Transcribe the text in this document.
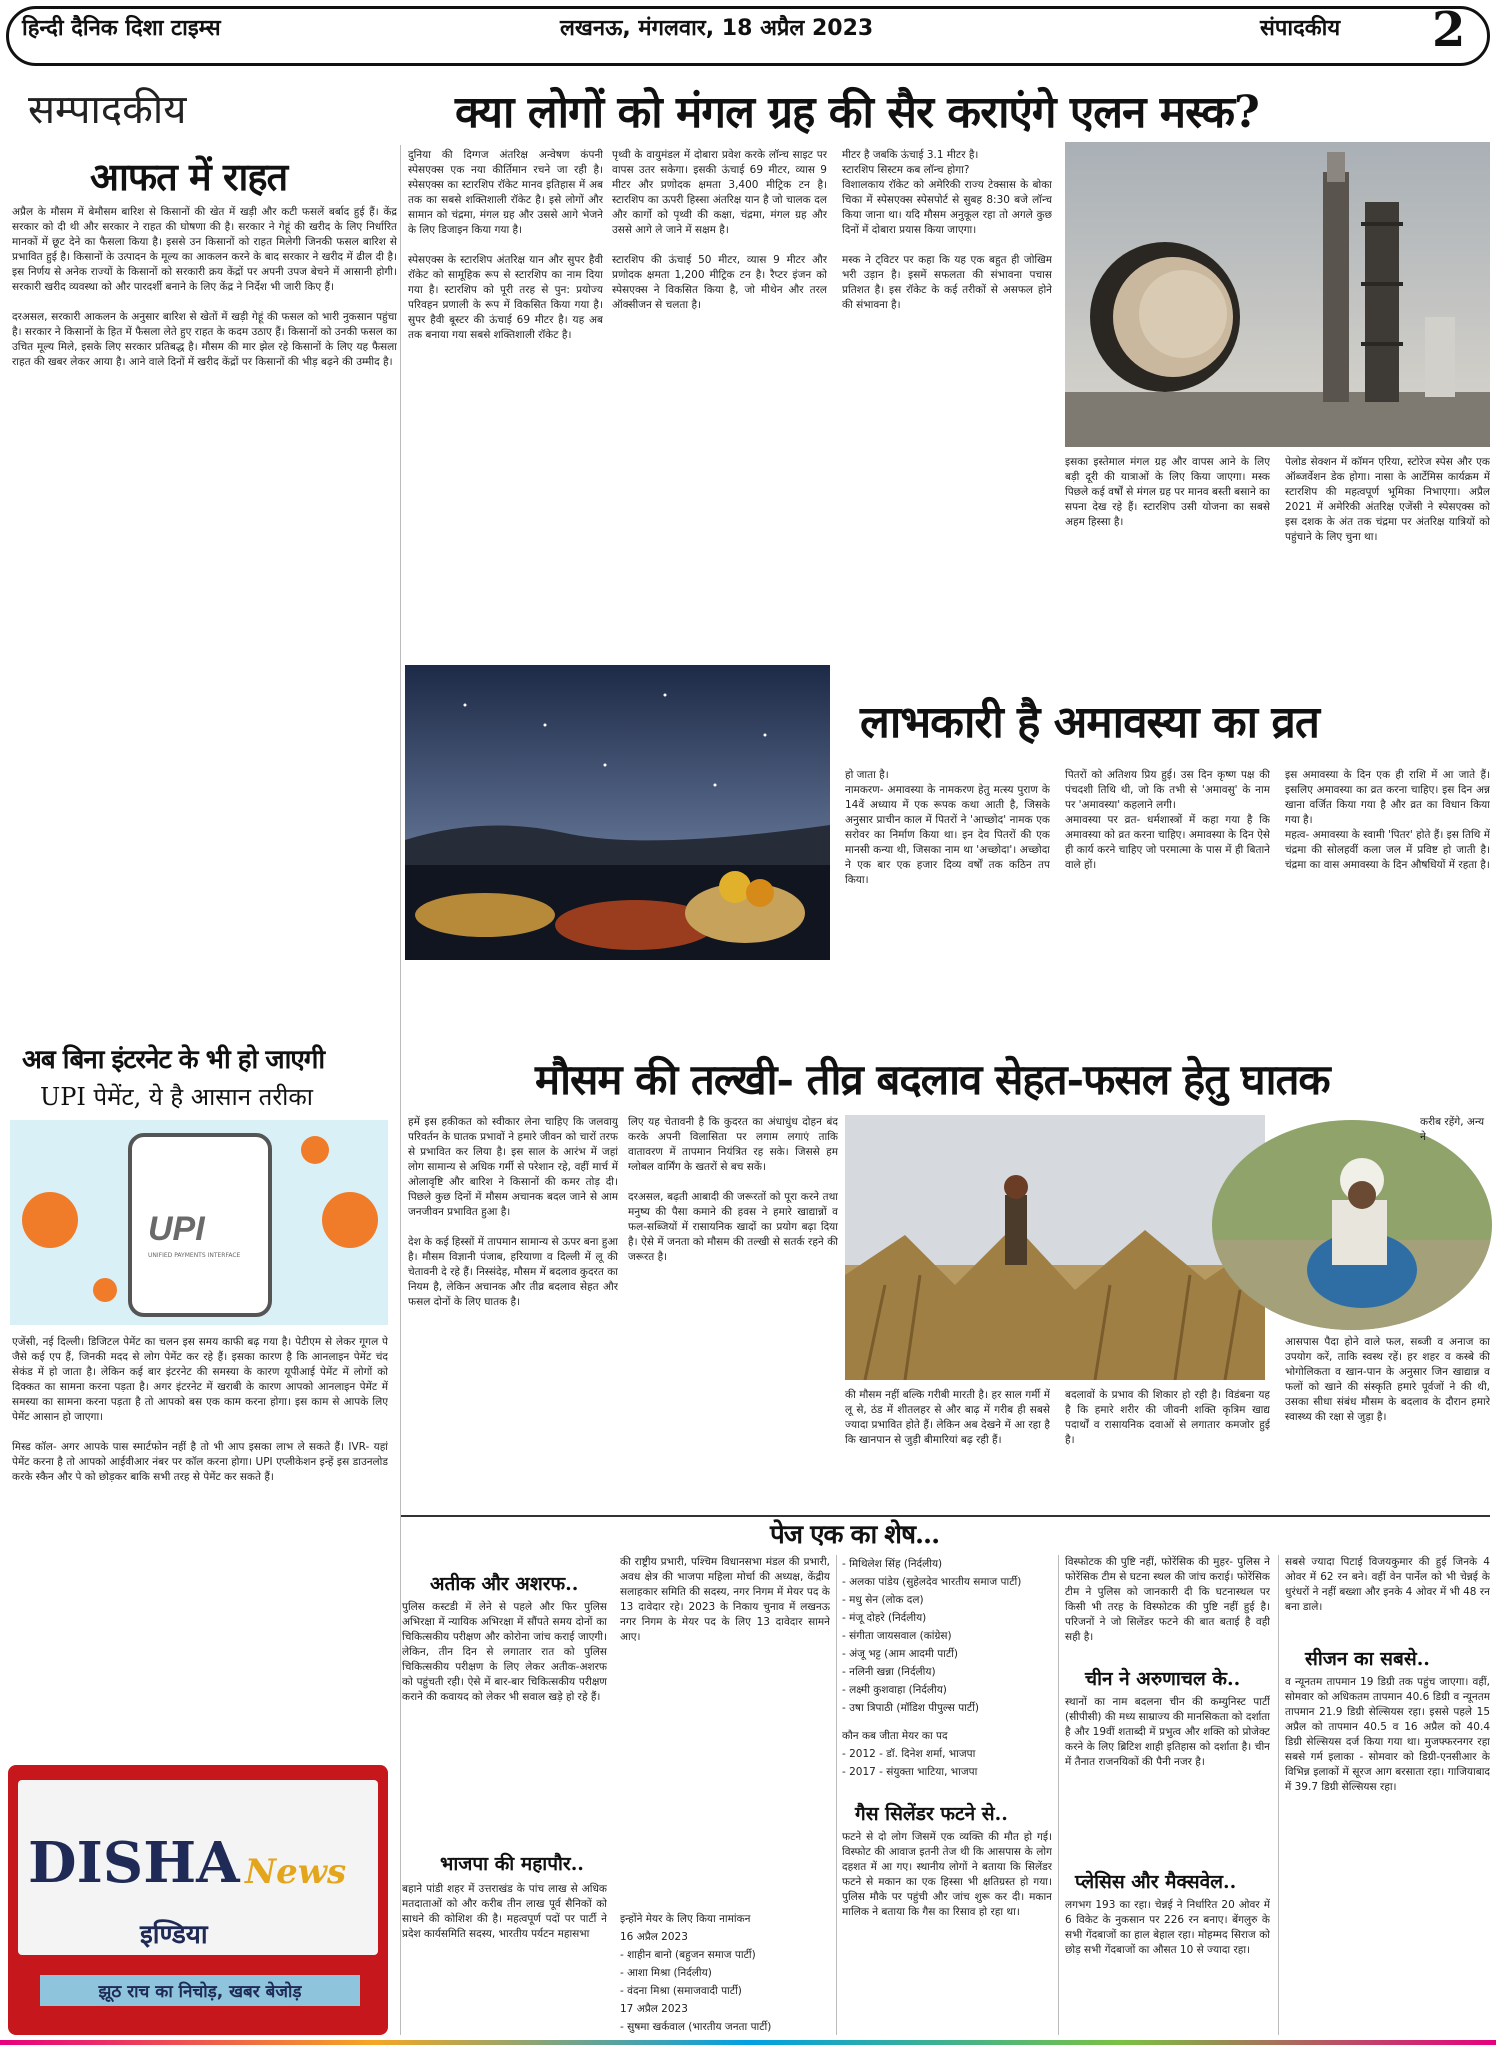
हिन्दी दैनिक दिशा टाइम्स	लखनऊ, मंगलवार, 18 अप्रैल 2023	संपादकीय 2
सम्पादकीय
आफत में राहत
अप्रैल के मौसम में बेमौसम बारिश से किसानों की खेत में खड़ी और कटी फसलें बर्बाद हुई हैं। केंद्र सरकार को दी थी और सरकार ने राहत की घोषणा की है। सरकार ने गेहूं की खरीद के लिए निर्धारित मानकों में छूट देने का फैसला किया है। इससे उन किसानों को राहत मिलेगी जिनकी फसल बारिश से प्रभावित हुई है। किसानों के उत्पादन के मूल्य का आकलन करने के बाद सरकार ने खरीद में ढील दी है। इस निर्णय से अनेक राज्यों के किसानों को सरकारी क्रय केंद्रों पर अपनी उपज बेचने में आसानी होगी। सरकारी खरीद व्यवस्था को और पारदर्शी बनाने के लिए केंद्र ने निर्देश भी जारी किए हैं।

दरअसल, सरकारी आकलन के अनुसार बारिश से खेतों में खड़ी गेहूं की फसल को भारी नुकसान पहुंचा है। सरकार ने किसानों के हित में फैसला लेते हुए राहत के कदम उठाए हैं। किसानों को उनकी फसल का उचित मूल्य मिले, इसके लिए सरकार प्रतिबद्ध है। मौसम की मार झेल रहे किसानों के लिए यह फैसला राहत की खबर लेकर आया है। आने वाले दिनों में खरीद केंद्रों पर किसानों की भीड़ बढ़ने की उम्मीद है।
क्या लोगों को मंगल ग्रह की सैर कराएंगे एलन मस्क?
दुनिया की दिग्गज अंतरिक्ष अन्वेषण कंपनी स्पेसएक्स एक नया कीर्तिमान रचने जा रही है। स्पेसएक्स का स्टारशिप रॉकेट मानव इतिहास में अब तक का सबसे शक्तिशाली रॉकेट है। इसे लोगों और सामान को चंद्रमा, मंगल ग्रह और उससे आगे भेजने के लिए डिजाइन किया गया है।

स्पेसएक्स के स्टारशिप अंतरिक्ष यान और सुपर हैवी रॉकेट को सामूहिक रूप से स्टारशिप का नाम दिया गया है। स्टारशिप को पूरी तरह से पुन: प्रयोज्य परिवहन प्रणाली के रूप में विकसित किया गया है। सुपर हैवी बूस्टर की ऊंचाई 69 मीटर है। यह अब तक बनाया गया सबसे शक्तिशाली रॉकेट है।
पृथ्वी के वायुमंडल में दोबारा प्रवेश करके लॉन्च साइट पर वापस उतर सकेगा। इसकी ऊंचाई 69 मीटर, व्यास 9 मीटर और प्रणोदक क्षमता 3,400 मीट्रिक टन है। स्टारशिप का ऊपरी हिस्सा अंतरिक्ष यान है जो चालक दल और कार्गो को पृथ्वी की कक्षा, चंद्रमा, मंगल ग्रह और उससे आगे ले जाने में सक्षम है।

स्टारशिप की ऊंचाई 50 मीटर, व्यास 9 मीटर और प्रणोदक क्षमता 1,200 मीट्रिक टन है। रैप्टर इंजन को स्पेसएक्स ने विकसित किया है, जो मीथेन और तरल ऑक्सीजन से चलता है।
मीटर है जबकि ऊंचाई 3.1 मीटर है।
स्टारशिप सिस्टम कब लॉन्च होगा?
विशालकाय रॉकेट को अमेरिकी राज्य टेक्सास के बोका चिका में स्पेसएक्स स्पेसपोर्ट से सुबह 8:30 बजे लॉन्च किया जाना था। यदि मौसम अनुकूल रहा तो अगले कुछ दिनों में दोबारा प्रयास किया जाएगा।

मस्क ने ट्विटर पर कहा कि यह एक बहुत ही जोखिम भरी उड़ान है। इसमें सफलता की संभावना पचास प्रतिशत है। इस रॉकेट के कई तरीकों से असफल होने की संभावना है।
इसका इस्तेमाल मंगल ग्रह और वापस आने के लिए बड़ी दूरी की यात्राओं के लिए किया जाएगा। मस्क पिछले कई वर्षों से मंगल ग्रह पर मानव बस्ती बसाने का सपना देख रहे हैं। स्टारशिप उसी योजना का सबसे अहम हिस्सा है।
पेलोड सेक्शन में कॉमन एरिया, स्टोरेज स्पेस और एक ऑब्जर्वेशन डेक होगा। नासा के आर्टेमिस कार्यक्रम में स्टारशिप की महत्वपूर्ण भूमिका निभाएगा। अप्रैल 2021 में अमेरिकी अंतरिक्ष एजेंसी ने स्पेसएक्स को इस दशक के अंत तक चंद्रमा पर अंतरिक्ष यात्रियों को पहुंचाने के लिए चुना था।
लाभकारी है अमावस्या का व्रत
हो जाता है।
नामकरण- अमावस्या के नामकरण हेतु मत्स्य पुराण के 14वें अध्याय में एक रूपक कथा आती है, जिसके अनुसार प्राचीन काल में पितरों ने 'आच्छोद' नामक एक सरोवर का निर्माण किया था। इन देव पितरों की एक मानसी कन्या थी, जिसका नाम था 'अच्छोदा'। अच्छोदा ने एक बार एक हजार दिव्य वर्षों तक कठिन तप किया।
पितरों को अतिशय प्रिय हुई। उस दिन कृष्ण पक्ष की पंचदशी तिथि थी, जो कि तभी से 'अमावसु' के नाम पर 'अमावस्या' कहलाने लगी।
अमावस्या पर व्रत- धर्मशास्त्रों में कहा गया है कि अमावस्या को व्रत करना चाहिए। अमावस्या के दिन ऐसे ही कार्य करने चाहिए जो परमात्मा के पास में ही बिताने वाले हों।
इस अमावस्या के दिन एक ही राशि में आ जाते हैं। इसलिए अमावस्या का व्रत करना चाहिए। इस दिन अन्न खाना वर्जित किया गया है और व्रत का विधान किया गया है।
महत्व- अमावस्या के स्वामी 'पितर' होते हैं। इस तिथि में चंद्रमा की सोलहवीं कला जल में प्रविष्ट हो जाती है। चंद्रमा का वास अमावस्या के दिन औषधियों में रहता है।
मौसम की तल्खी- तीव्र बदलाव सेहत-फसल हेतु घातक
हमें इस हकीकत को स्वीकार लेना चाहिए कि जलवायु परिवर्तन के घातक प्रभावों ने हमारे जीवन को चारों तरफ से प्रभावित कर लिया है। इस साल के आरंभ में जहां लोग सामान्य से अधिक गर्मी से परेशान रहे, वहीं मार्च में ओलावृष्टि और बारिश ने किसानों की कमर तोड़ दी। पिछले कुछ दिनों में मौसम अचानक बदल जाने से आम जनजीवन प्रभावित हुआ है।

देश के कई हिस्सों में तापमान सामान्य से ऊपर बना हुआ है। मौसम विज्ञानी पंजाब, हरियाणा व दिल्ली में लू की चेतावनी दे रहे हैं। निस्संदेह, मौसम में बदलाव कुदरत का नियम है, लेकिन अचानक और तीव्र बदलाव सेहत और फसल दोनों के लिए घातक है।
लिए यह चेतावनी है कि कुदरत का अंधाधुंध दोहन बंद करके अपनी विलासिता पर लगाम लगाएं ताकि वातावरण में तापमान नियंत्रित रह सके। जिससे हम ग्लोबल वार्मिंग के खतरों से बच सकें।

दरअसल, बढ़ती आबादी की जरूरतों को पूरा करने तथा मनुष्य की पैसा कमाने की हवस ने हमारे खाद्यान्नों व फल-सब्जियों में रासायनिक खादों का प्रयोग बढ़ा दिया है। ऐसे में जनता को मौसम की तल्खी से सतर्क रहने की जरूरत है।
की मौसम नहीं बल्कि गरीबी मारती है। हर साल गर्मी में लू से, ठंड में शीतलहर से और बाढ़ में गरीब ही सबसे ज्यादा प्रभावित होते हैं। लेकिन अब देखने में आ रहा है कि खानपान से जुड़ी बीमारियां बढ़ रही हैं।
बदलावों के प्रभाव की शिकार हो रही है। विडंबना यह है कि हमारे शरीर की जीवनी शक्ति कृत्रिम खाद्य पदार्थों व रासायनिक दवाओं से लगातार कमजोर हुई है।
करीब रहेंगे, अन्य ने
आसपास पैदा होने वाले फल, सब्जी व अनाज का उपयोग करें, ताकि स्वस्थ रहें। हर शहर व कस्बे की भोगोलिकता व खान-पान के अनुसार जिन खाद्यान्न व फलों को खाने की संस्कृति हमारे पूर्वजों ने की थी, उसका सीधा संबंध मौसम के बदलाव के दौरान हमारे स्वास्थ्य की रक्षा से जुड़ा है।
अब बिना इंटरनेट के भी हो जाएगी
UPI पेमेंट, ये है आसान तरीका
UPI
UNIFIED PAYMENTS INTERFACE
एजेंसी, नई दिल्ली। डिजिटल पेमेंट का चलन इस समय काफी बढ़ गया है। पेटीएम से लेकर गूगल पे जैसे कई एप हैं, जिनकी मदद से लोग पेमेंट कर रहे हैं। इसका कारण है कि आनलाइन पेमेंट चंद सेकंड में हो जाता है। लेकिन कई बार इंटरनेट की समस्या के कारण यूपीआई पेमेंट में लोगों को दिक्कत का सामना करना पड़ता है। अगर इंटरनेट में खराबी के कारण आपको आनलाइन पेमेंट में समस्या का सामना करना पड़ता है तो आपको बस एक काम करना होगा। इस काम से आपके लिए पेमेंट आसान हो जाएगा।

मिस्ड कॉल- अगर आपके पास स्मार्टफोन नहीं है तो भी आप इसका लाभ ले सकते हैं। IVR- यहां पेमेंट करना है तो आपको आईवीआर नंबर पर कॉल करना होगा। UPI एप्लीकेशन इन्हें इस डाउनलोड करके स्कैन और पे को छोड़कर बाकि सभी तरह से पेमेंट कर सकते हैं।
DISHA News
इण्डिया
झूठ राच का निचोड़, खबर बेजोड़
पेज एक का शेष...
अतीक और अशरफ..
पुलिस कस्टडी में लेने से पहले और फिर पुलिस अभिरक्षा में न्यायिक अभिरक्षा में सौंपते समय दोनों का चिकित्सकीय परीक्षण और कोरोना जांच कराई जाएगी। लेकिन, तीन दिन से लगातार रात को पुलिस चिकित्सकीय परीक्षण के लिए लेकर अतीक-अशरफ को पहुंचती रही। ऐसे में बार-बार चिकित्सकीय परीक्षण कराने की कवायद को लेकर भी सवाल खड़े हो रहे हैं।
भाजपा की महापौर..
बहाने पांडी शहर में उत्तराखंड के पांच लाख से अधिक मतदाताओं को और करीब तीन लाख पूर्व सैनिकों को साधने की कोशिश की है। महत्वपूर्ण पदों पर पार्टी ने प्रदेश कार्यसमिति सदस्य, भारतीय पर्यटन महासभा
की राष्ट्रीय प्रभारी, पश्चिम विधानसभा मंडल की प्रभारी, अवध क्षेत्र की भाजपा महिला मोर्चा की अध्यक्ष, केंद्रीय सलाहकार समिति की सदस्य, नगर निगम में मेयर पद के 13 दावेदार रहे। 2023 के निकाय चुनाव में लखनऊ नगर निगम के मेयर पद के लिए 13 दावेदार सामने आए।
इन्होंने मेयर के लिए किया नामांकन
16 अप्रैल 2023
- शाहीन बानो (बहुजन समाज पार्टी)
- आशा मिश्रा (निर्दलीय)
- वंदना मिश्रा (समाजवादी पार्टी)
17 अप्रैल 2023
- सुषमा खर्कवाल (भारतीय जनता पार्टी)
- मिथिलेश सिंह (निर्दलीय)
- अलका पांडेय (सुहेलदेव भारतीय समाज पार्टी)
- मधु सेन (लोक दल)
- मंजू दोहरे (निर्दलीय)
- संगीता जायसवाल (कांग्रेस)
- अंजू भट्ट (आम आदमी पार्टी)
- नलिनी खन्ना (निर्दलीय)
- लक्ष्मी कुशवाहा (निर्दलीय)
- उषा त्रिपाठी (मॉडिश पीपुल्स पार्टी)
कौन कब जीता मेयर का पद
- 2012 - डॉ. दिनेश शर्मा, भाजपा
- 2017 - संयुक्ता भाटिया, भाजपा
गैस सिलेंडर फटने से..
फटने से दो लोग जिसमें एक व्यक्ति की मौत हो गई। विस्फोट की आवाज इतनी तेज थी कि आसपास के लोग दहशत में आ गए। स्थानीय लोगों ने बताया कि सिलेंडर फटने से मकान का एक हिस्सा भी क्षतिग्रस्त हो गया। पुलिस मौके पर पहुंची और जांच शुरू कर दी। मकान मालिक ने बताया कि गैस का रिसाव हो रहा था।
विस्फोटक की पुष्टि नहीं, फोरेंसिक की मुहर- पुलिस ने फोरेंसिक टीम से घटना स्थल की जांच कराई। फोरेंसिक टीम ने पुलिस को जानकारी दी कि घटनास्थल पर किसी भी तरह के विस्फोटक की पुष्टि नहीं हुई है। परिजनों ने जो सिलेंडर फटने की बात बताई है वही सही है।
चीन ने अरुणाचल के..
स्थानों का नाम बदलना चीन की कम्युनिस्ट पार्टी (सीपीसी) की मध्य साम्राज्य की मानसिकता को दर्शाता है और 19वीं शताब्दी में प्रभुत्व और शक्ति को प्रोजेक्ट करने के लिए ब्रिटिश शाही इतिहास को दर्शाता है। चीन में तैनात राजनयिकों की पैनी नजर है।
प्लेसिस और मैक्सवेल..
लगभग 193 का रहा। चेन्नई ने निर्धारित 20 ओवर में 6 विकेट के नुकसान पर 226 रन बनाए। बेंगलुरु के सभी गेंदबाजों का हाल बेहाल रहा। मोहम्मद सिराज को छोड़ सभी गेंदबाजों का औसत 10 से ज्यादा रहा।
सबसे ज्यादा पिटाई विजयकुमार की हुई जिनके 4 ओवर में 62 रन बने। वहीं वेन पार्नेल को भी चेन्नई के धुरंधरों ने नहीं बख्शा और इनके 4 ओवर में भी 48 रन बना डाले।
सीजन का सबसे..
व न्यूनतम तापमान 19 डिग्री तक पहुंच जाएगा। वहीं, सोमवार को अधिकतम तापमान 40.6 डिग्री व न्यूनतम तापमान 21.9 डिग्री सेल्सियस रहा। इससे पहले 15 अप्रैल को तापमान 40.5 व 16 अप्रैल को 40.4 डिग्री सेल्सियस दर्ज किया गया था। मुजफ्फरनगर रहा सबसे गर्म इलाका - सोमवार को डिग्री-एनसीआर के विभिन्न इलाकों में सूरज आग बरसाता रहा। गाजियाबाद में 39.7 डिग्री सेल्सियस रहा।
